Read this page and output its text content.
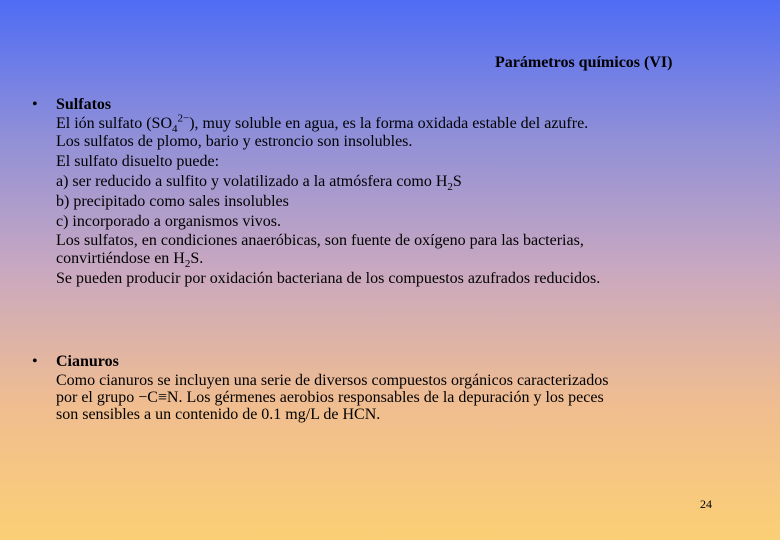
Parámetros químicos (VI)
• Sulfatos
El ión sulfato $(SO_4^{2-})$, muy soluble en agua, es la forma oxidada estable del azufre.
Los sulfatos de plomo, bario y estroncio son insolubles.
El sulfato disuelto puede:
a) ser reducido a sulfito y volatilizado a la atmósfera como $H_2S$
b) precipitado como sales insolubles
c) incorporado a organismos vivos.
Los sulfatos, en condiciones anaeróbicas, son fuente de oxígeno para las bacterias,
convirtiéndose en $H_2S$.
Se pueden producir por oxidación bacteriana de los compuestos azufrados reducidos.
• Cianuros
Como cianuros se incluyen una serie de diversos compuestos orgánicos caracterizados
por el grupo −C≡N. Los gérmenes aerobios responsables de la depuración y los peces
son sensibles a un contenido de 0.1 mg/L de HCN.
24
